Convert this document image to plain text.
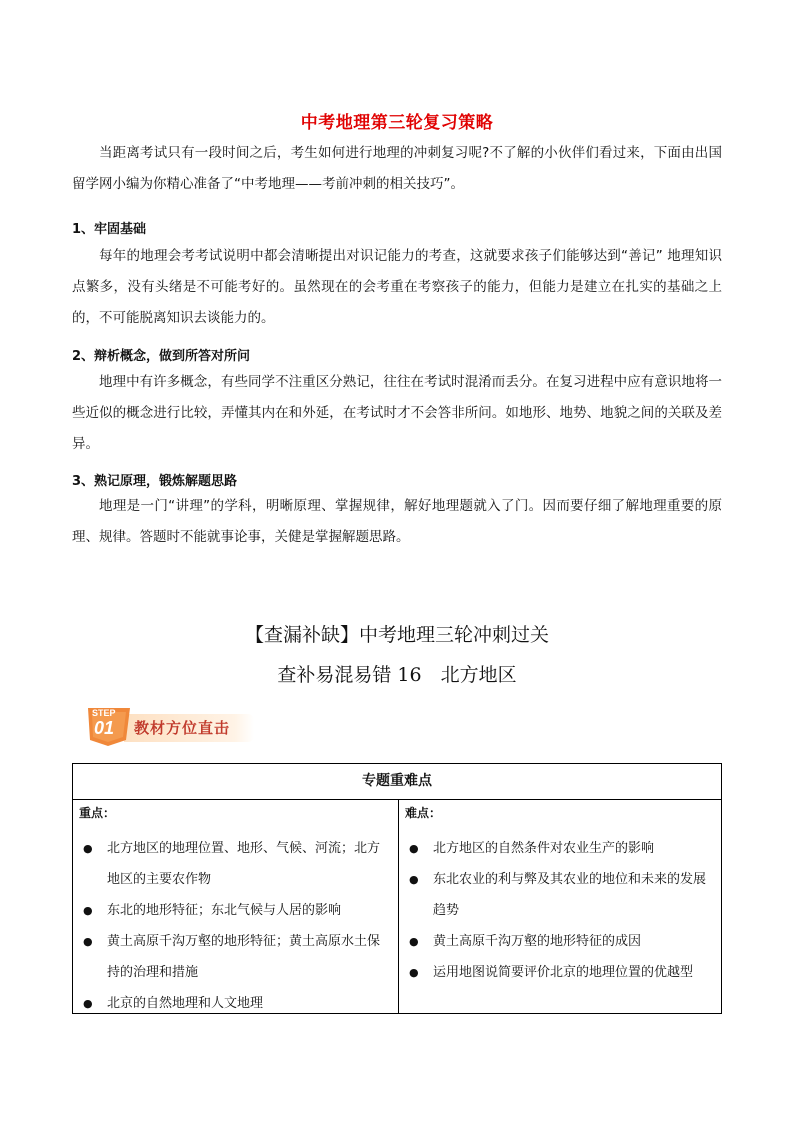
中考地理第三轮复习策略

当距离考试只有一段时间之后，考生如何进行地理的冲刺复习呢?不了解的小伙伴们看过来，下面由出国留学网小编为你精心准备了“中考地理——考前冲刺的相关技巧”。

1、牢固基础

每年的地理会考考试说明中都会清晰提出对识记能力的考查，这就要求孩子们能够达到“善记” 地理知识点繁多，没有头绪是不可能考好的。虽然现在的会考重在考察孩子的能力，但能力是建立在扎实的基础之上的，不可能脱离知识去谈能力的。

2、辩析概念，做到所答对所问

地理中有许多概念，有些同学不注重区分熟记，往往在考试时混淆而丢分。在复习进程中应有意识地将一些近似的概念进行比较，弄懂其内在和外延，在考试时才不会答非所问。如地形、地势、地貌之间的关联及差异。

3、熟记原理，锻炼解题思路

地理是一门“讲理”的学科，明晰原理、掌握规律，解好地理题就入了门。因而要仔细了解地理重要的原理、规律。答题时不能就事论事，关健是掌握解题思路。

【查漏补缺】中考地理三轮冲刺过关
查补易混易错 16　北方地区
STEP
01 教材方位直击
专题重难点
重点：
● 北方地区的地理位置、地形、气候、河流；北方地区的主要农作物
● 东北的地形特征；东北气候与人居的影响
● 黄土高原千沟万壑的地形特征；黄土高原水土保持的治理和措施
● 北京的自然地理和人文地理
难点：
● 北方地区的自然条件对农业生产的影响
● 东北农业的利与弊及其农业的地位和未来的发展趋势
● 黄土高原千沟万壑的地形特征的成因
● 运用地图说简要评价北京的地理位置的优越型
